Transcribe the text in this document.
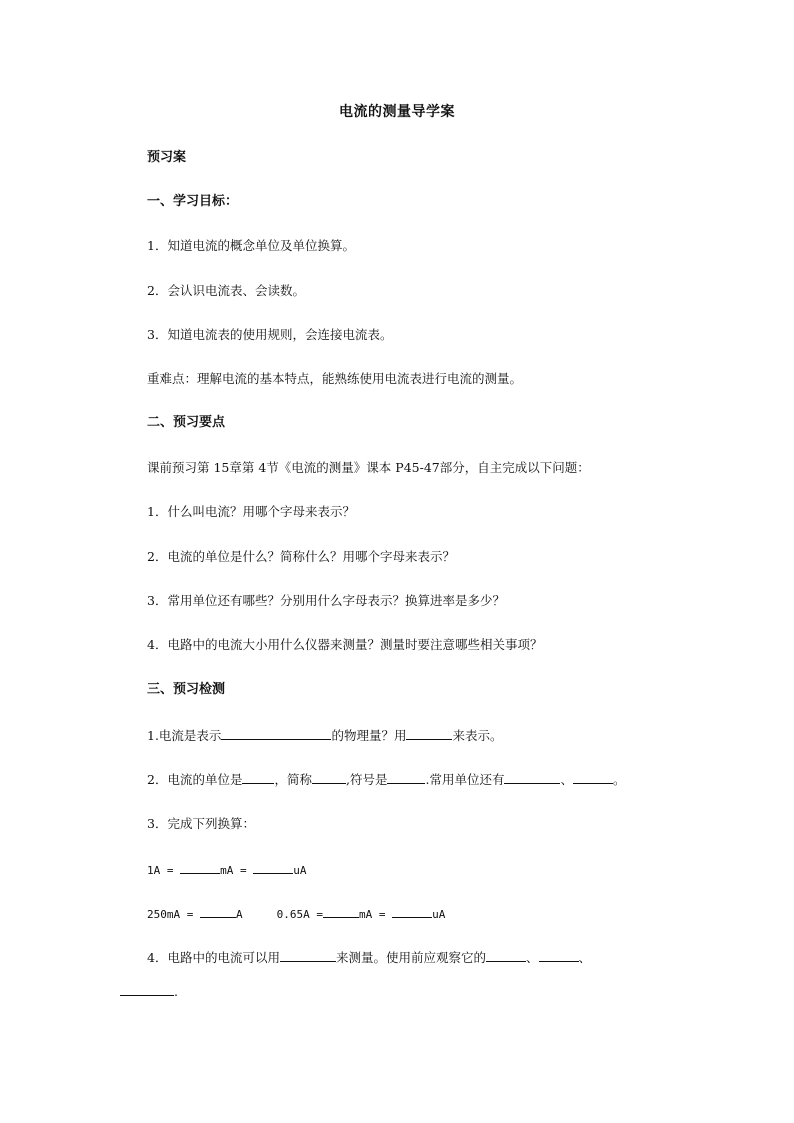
电流的测量导学案
预习案
一、学习目标：
1．知道电流的概念单位及单位换算。
2．会认识电流表、会读数。
3．知道电流表的使用规则，会连接电流表。
重难点：理解电流的基本特点，能熟练使用电流表进行电流的测量。
二、预习要点
课前预习第 15章第 4节《电流的测量》课本 P45-47部分，自主完成以下问题：
1．什么叫电流？用哪个字母来表示？
2．电流的单位是什么？简称什么？用哪个字母来表示？
3．常用单位还有哪些？分别用什么字母表示？换算进率是多少？
4．电路中的电流大小用什么仪器来测量？测量时要注意哪些相关事项？
三、预习检测
1.电流是表示	的物理量？用	来表示。
2．电流的单位是	，简称	,符号是	.常用单位还有	、	。
3．完成下列换算：
1A =	mA =	uA
250mA =	A	0.65A =	mA =	uA
4．电路中的电流可以用	来测量。使用前应观察它的	、	、
.
